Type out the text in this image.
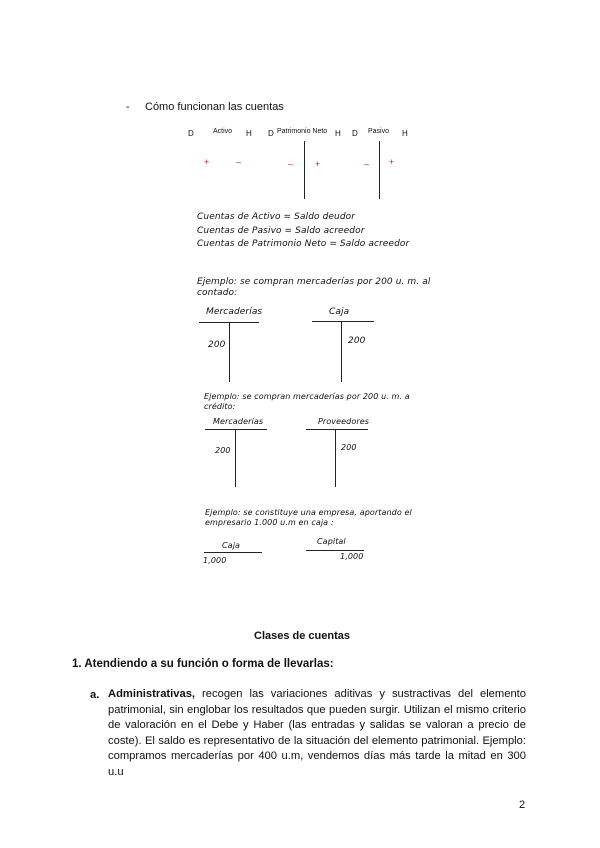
- Cómo funcionan las cuentas
D	Activo H D Patrimonio Neto H D Pasivo H
+	–	– +	– +
Cuentas de Activo = Saldo deudor
Cuentas de Pasivo = Saldo acreedor
Cuentas de Patrimonio Neto = Saldo acreedor
Ejemplo: se compran mercaderías por 200 u. m. al
contado:
Mercaderías
200
Caja
200
Ejemplo: se compran mercaderías por 200 u. m. a
crédito:
Mercaderías
200
Proveedores
200
Ejemplo: se constituye una empresa, aportando el
empresario 1.000 u.m en caja :
Caja
1,000
Capital
1,000
Clases de cuentas
1. Atendiendo a su función o forma de llevarlas:
a. Administrativas, recogen las variaciones aditivas y sustractivas del elemento patrimonial, sin englobar los resultados que pueden surgir. Utilizan el mismo criterio de valoración en el Debe y Haber (las entradas y salidas se valoran a precio de coste). El saldo es representativo de la situación del elemento patrimonial. Ejemplo: compramos mercaderías por 400 u.m, vendemos días más tarde la mitad en 300 u.u
2
